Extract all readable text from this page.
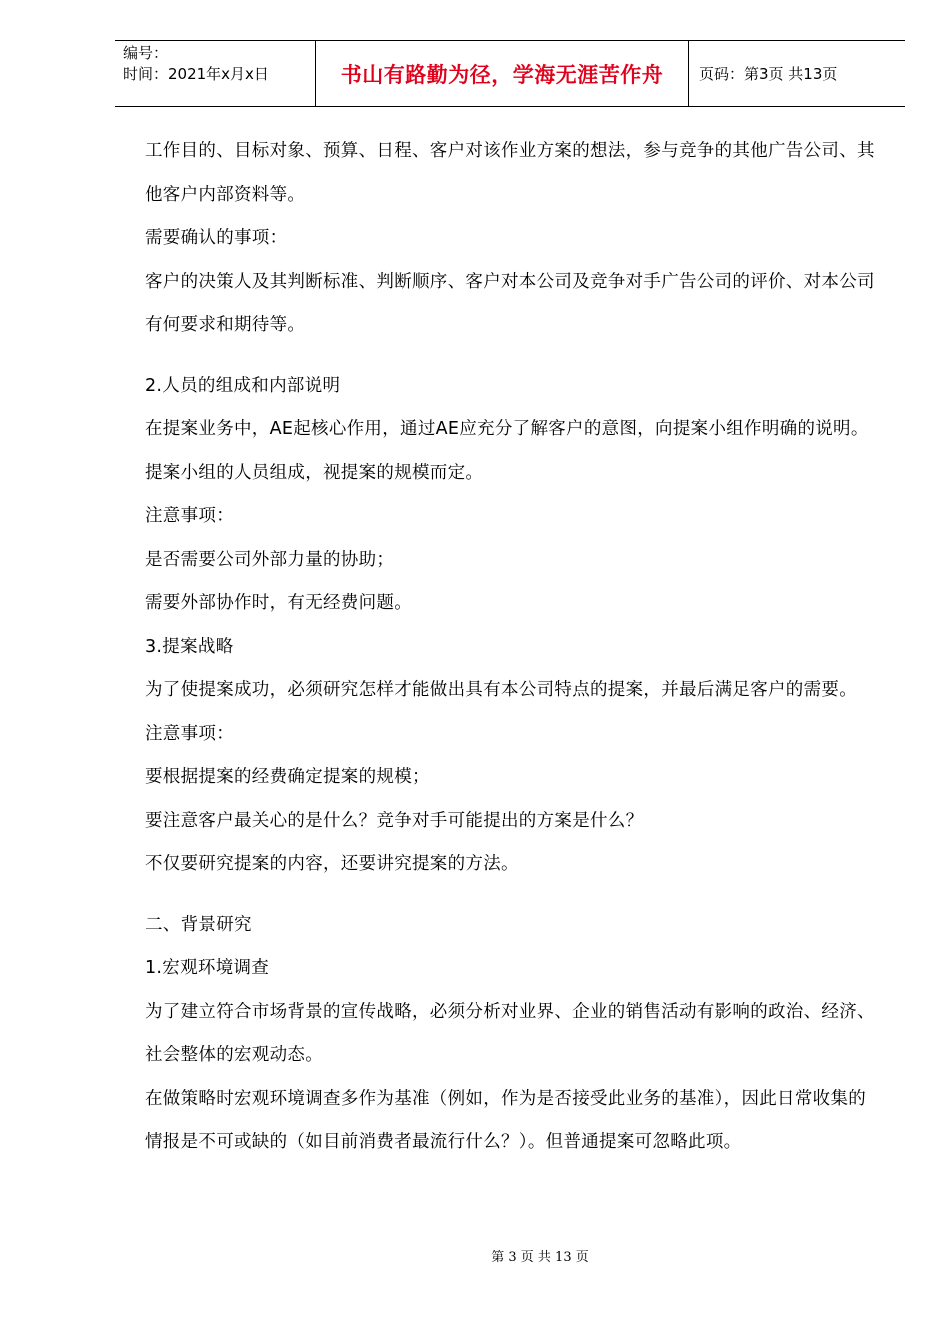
编号：
时间：2021年x月x日	书山有路勤为径，学海无涯苦作舟	页码：第3页 共13页

工作目的、目标对象、预算、日程、客户对该作业方案的想法，参与竞争的其他广告公司、其他客户内部资料等。

需要确认的事项：

客户的决策人及其判断标准、判断顺序、客户对本公司及竞争对手广告公司的评价、对本公司有何要求和期待等。

2.人员的组成和内部说明

在提案业务中，AE起核心作用，通过AE应充分了解客户的意图，向提案小组作明确的说明。提案小组的人员组成，视提案的规模而定。

注意事项：

是否需要公司外部力量的协助；

需要外部协作时，有无经费问题。

3.提案战略

为了使提案成功，必须研究怎样才能做出具有本公司特点的提案，并最后满足客户的需要。

注意事项：

要根据提案的经费确定提案的规模；

要注意客户最关心的是什么？竞争对手可能提出的方案是什么？

不仅要研究提案的内容，还要讲究提案的方法。

二、背景研究

1.宏观环境调查

为了建立符合市场背景的宣传战略，必须分析对业界、企业的销售活动有影响的政治、经济、社会整体的宏观动态。

在做策略时宏观环境调查多作为基准（例如，作为是否接受此业务的基准），因此日常收集的情报是不可或缺的（如目前消费者最流行什么？）。但普通提案可忽略此项。

第 3 页 共 13 页
